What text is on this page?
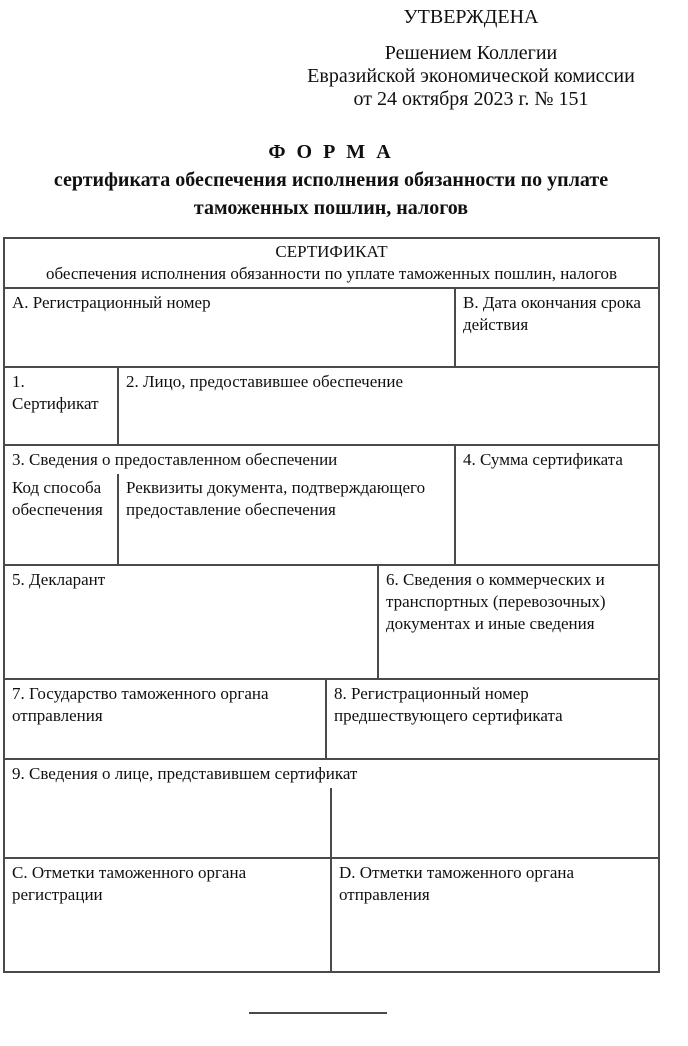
УТВЕРЖДЕНА
Решением Коллегии
Евразийской экономической комиссии
от 24 октября 2023 г. № 151
Ф О Р М А
сертификата обеспечения исполнения обязанности по уплате
таможенных пошлин, налогов
СЕРТИФИКАТ
обеспечения исполнения обязанности по уплате таможенных пошлин, налогов
А. Регистрационный номер	В. Дата окончания срока действия
1. Сертификат
2. Лицо, предоставившее обеспечение
3. Сведения о предоставленном обеспечении
Код способа обеспечения
Реквизиты документа, подтверждающего предоставление обеспечения
4. Сумма сертификата
5. Декларант	6. Сведения о коммерческих и транспортных (перевозочных) документах и иные сведения
7. Государство таможенного органа отправления
8. Регистрационный номер предшествующего сертификата
9. Сведения о лице, представившем сертификат
C. Отметки таможенного органа регистрации
D. Отметки таможенного органа отправления
